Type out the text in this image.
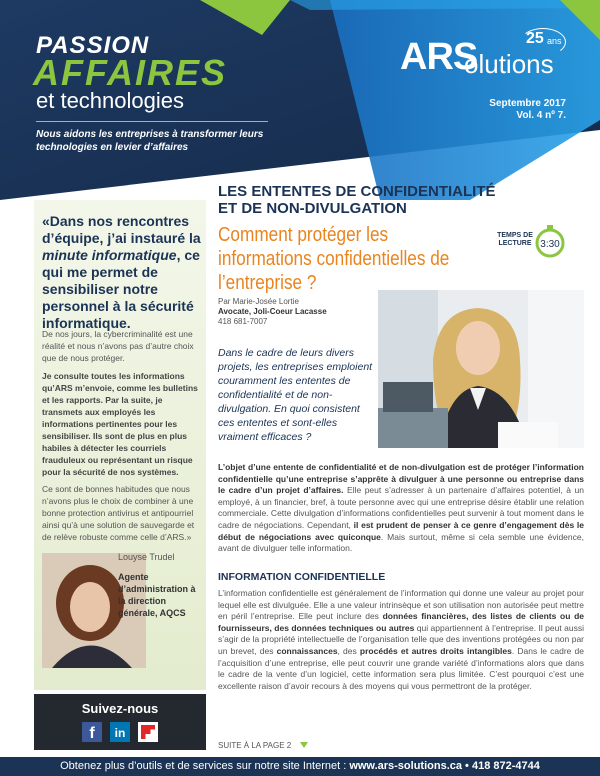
PASSION
AFFAIRES
et technologies
Nous aidons les entreprises à transformer leurs technologies en levier d’affaires
ARS
olutions
25 ans
Septembre 2017
Vol. 4 nº 7.
«Dans nos rencontres d’équipe, j’ai instauré la minute informatique, ce qui me permet de sensibiliser notre personnel à la sécurité informatique.
De nos jours, la cybercriminalité est une réalité et nous n’avons pas d’autre choix que de nous protéger.
Je consulte toutes les informations qu’ARS m’envoie, comme les bulletins et les rapports. Par la suite, je transmets aux employés les informations pertinentes pour les sensibiliser. Ils sont de plus en plus habiles à détecter les courriels frauduleux ou représentant un risque pour la sécurité de nos systèmes.
Ce sont de bonnes habitudes que nous n’avons plus le choix de combiner à une bonne protection antivirus et antipourriel ainsi qu’à une solution de sauvegarde et de relève robuste comme celle d’ARS.»
Louyse Trudel
Agente d’administration à la direction générale, AQCS
Suivez-nous
f in
LES ENTENTES DE CONFIDENTIALITÉ ET DE NON-DIVULGATION
Comment protéger les informations confidentielles de l’entreprise ?
TEMPS DE LECTURE 3:30
Par Marie-Josée Lortie
Avocate, Joli-Coeur Lacasse
418 681-7007
Dans le cadre de leurs divers projets, les entreprises emploient couramment les ententes de confidentialité et de non-divulgation. En quoi consistent ces ententes et sont-elles vraiment efficaces ?
L’objet d’une entente de confidentialité et de non-divulgation est de protéger l’information confidentielle qu’une entreprise s’apprête à divulguer à une personne ou entreprise dans le cadre d’un projet d’affaires. Elle peut s’adresser à un partenaire d’affaires potentiel, à un employé, à un financier, bref, à toute personne avec qui une entreprise désire établir une relation commerciale. Cette divulgation d’informations confidentielles peut survenir à tout moment dans le cadre de négociations. Cependant, il est prudent de penser à ce genre d’engagement dès le début de négociations avec quiconque. Mais surtout, même si cela semble une évidence, avant de divulguer telle information.
INFORMATION CONFIDENTIELLE
L’information confidentielle est généralement de l’information qui donne une valeur au projet pour lequel elle est divulguée. Elle a une valeur intrinsèque et son utilisation non autorisée peut mettre en péril l’entreprise. Elle peut inclure des données financières, des listes de clients ou de fournisseurs, des données techniques ou autres qui appartiennent à l’entreprise. Il peut aussi s’agir de la propriété intellectuelle de l’organisation telle que des inventions protégées ou non par un brevet, des connaissances, des procédés et autres droits intangibles. Dans le cadre de l’acquisition d’une entreprise, elle peut couvrir une grande variété d’informations alors que dans le cadre de la vente d’un logiciel, cette information sera plus limitée. C’est pourquoi c’est une excellente raison d’avoir recours à des moyens qui vous permettront de la protéger.
SUITE À LA PAGE 2
Obtenez plus d’outils et de services sur notre site Internet : www.ars-solutions.ca • 418 872-4744
